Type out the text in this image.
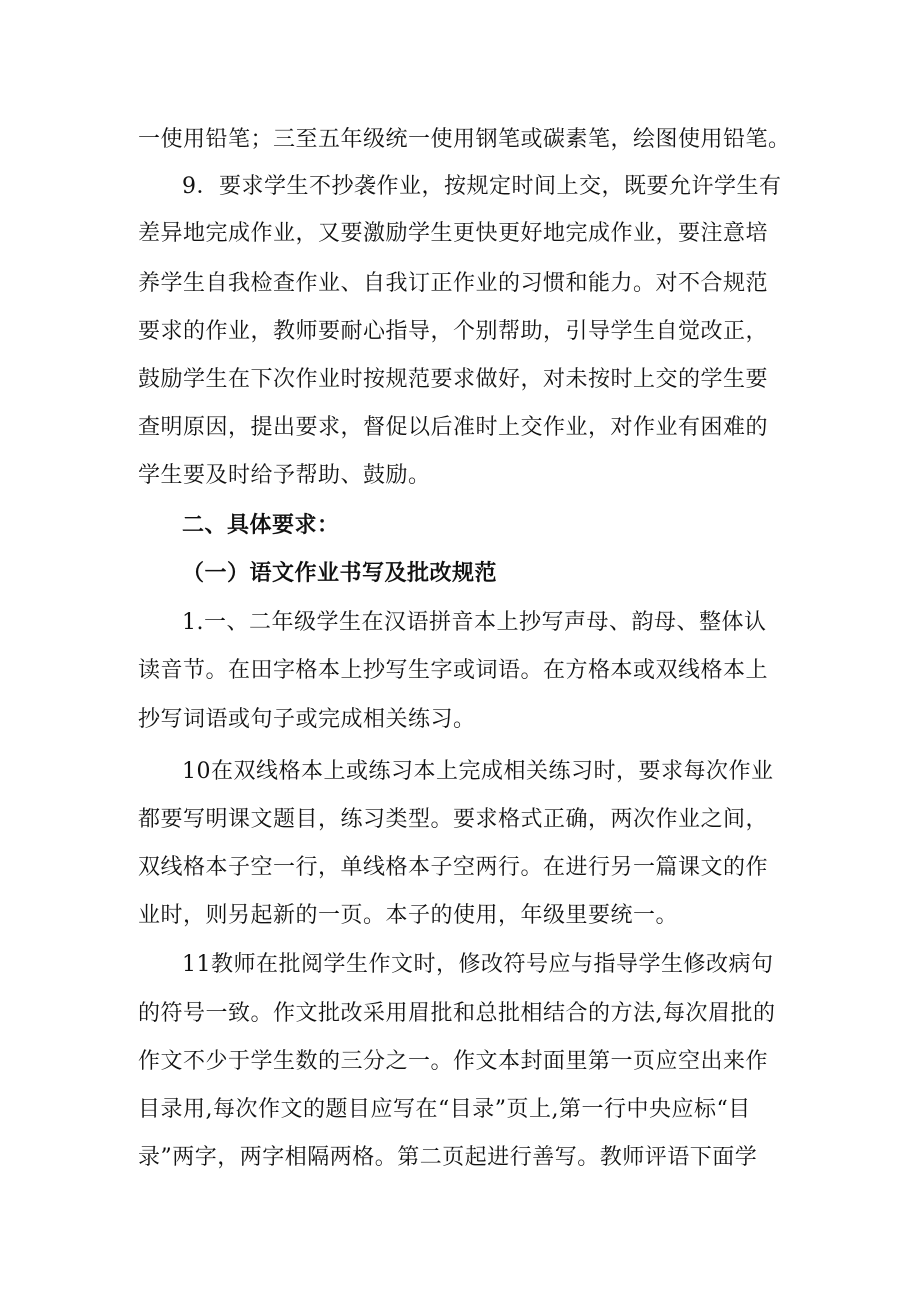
一使用铅笔；三至五年级统一使用钢笔或碳素笔，绘图使用铅笔。
9．要求学生不抄袭作业，按规定时间上交，既要允许学生有
差异地完成作业，又要激励学生更快更好地完成作业，要注意培
养学生自我检查作业、自我订正作业的习惯和能力。对不合规范
要求的作业，教师要耐心指导，个别帮助，引导学生自觉改正，
鼓励学生在下次作业时按规范要求做好，对未按时上交的学生要
查明原因，提出要求，督促以后准时上交作业，对作业有困难的
学生要及时给予帮助、鼓励。
二、具体要求：
（一）语文作业书写及批改规范
1.一、二年级学生在汉语拼音本上抄写声母、韵母、整体认
读音节。在田字格本上抄写生字或词语。在方格本或双线格本上
抄写词语或句子或完成相关练习。
10在双线格本上或练习本上完成相关练习时，要求每次作业
都要写明课文题目，练习类型。要求格式正确，两次作业之间，
双线格本子空一行，单线格本子空两行。在进行另一篇课文的作
业时，则另起新的一页。本子的使用，年级里要统一。
11教师在批阅学生作文时，修改符号应与指导学生修改病句
的符号一致。作文批改采用眉批和总批相结合的方法,每次眉批的
作文不少于学生数的三分之一。作文本封面里第一页应空出来作
目录用,每次作文的题目应写在“目录”页上,第一行中央应标“目
录”两字，两字相隔两格。第二页起进行善写。教师评语下面学
